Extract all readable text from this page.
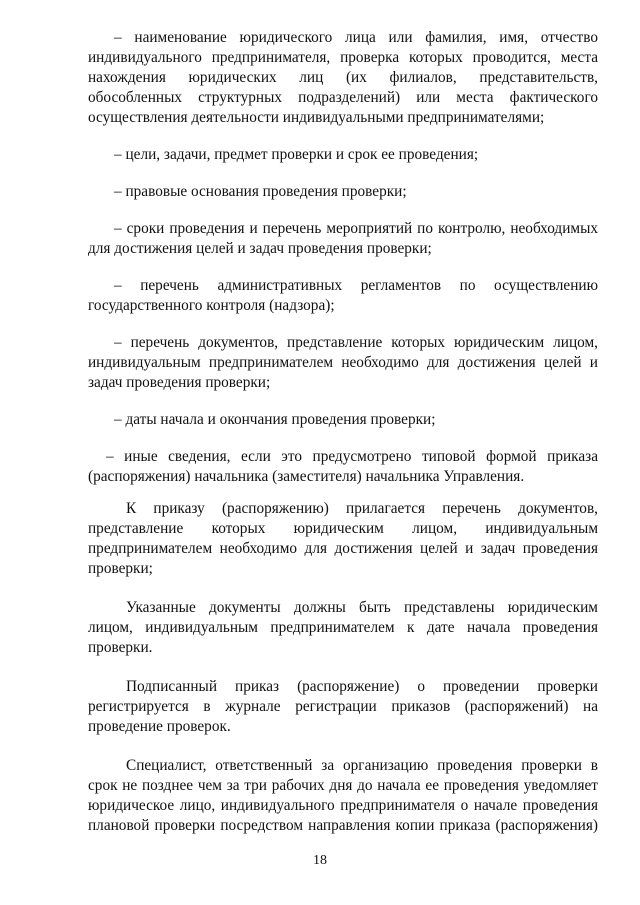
– наименование юридического лица или фамилия, имя, отчество
индивидуального предпринимателя, проверка которых проводится, места
нахождения юридических лиц (их филиалов, представительств,
обособленных структурных подразделений) или места фактического
осуществления деятельности индивидуальными предпринимателями;

– цели, задачи, предмет проверки и срок ее проведения;

– правовые основания проведения проверки;

– сроки проведения и перечень мероприятий по контролю, необходимых
для достижения целей и задач проведения проверки;

– перечень административных регламентов по осуществлению
государственного контроля (надзора);

– перечень документов, представление которых юридическим лицом,
индивидуальным предпринимателем необходимо для достижения целей и
задач проведения проверки;

– даты начала и окончания проведения проверки;

– иные сведения, если это предусмотрено типовой формой приказа
(распоряжения) начальника (заместителя) начальника Управления.

К приказу (распоряжению) прилагается перечень документов,
представление которых юридическим лицом, индивидуальным
предпринимателем необходимо для достижения целей и задач проведения
проверки;

Указанные документы должны быть представлены юридическим
лицом, индивидуальным предпринимателем к дате начала проведения
проверки.

Подписанный приказ (распоряжение) о проведении проверки
регистрируется в журнале регистрации приказов (распоряжений) на
проведение проверок.

Специалист, ответственный за организацию проведения проверки в
срок не позднее чем за три рабочих дня до начала ее проведения уведомляет
юридическое лицо, индивидуального предпринимателя о начале проведения
плановой проверки посредством направления копии приказа (распоряжения)

18
